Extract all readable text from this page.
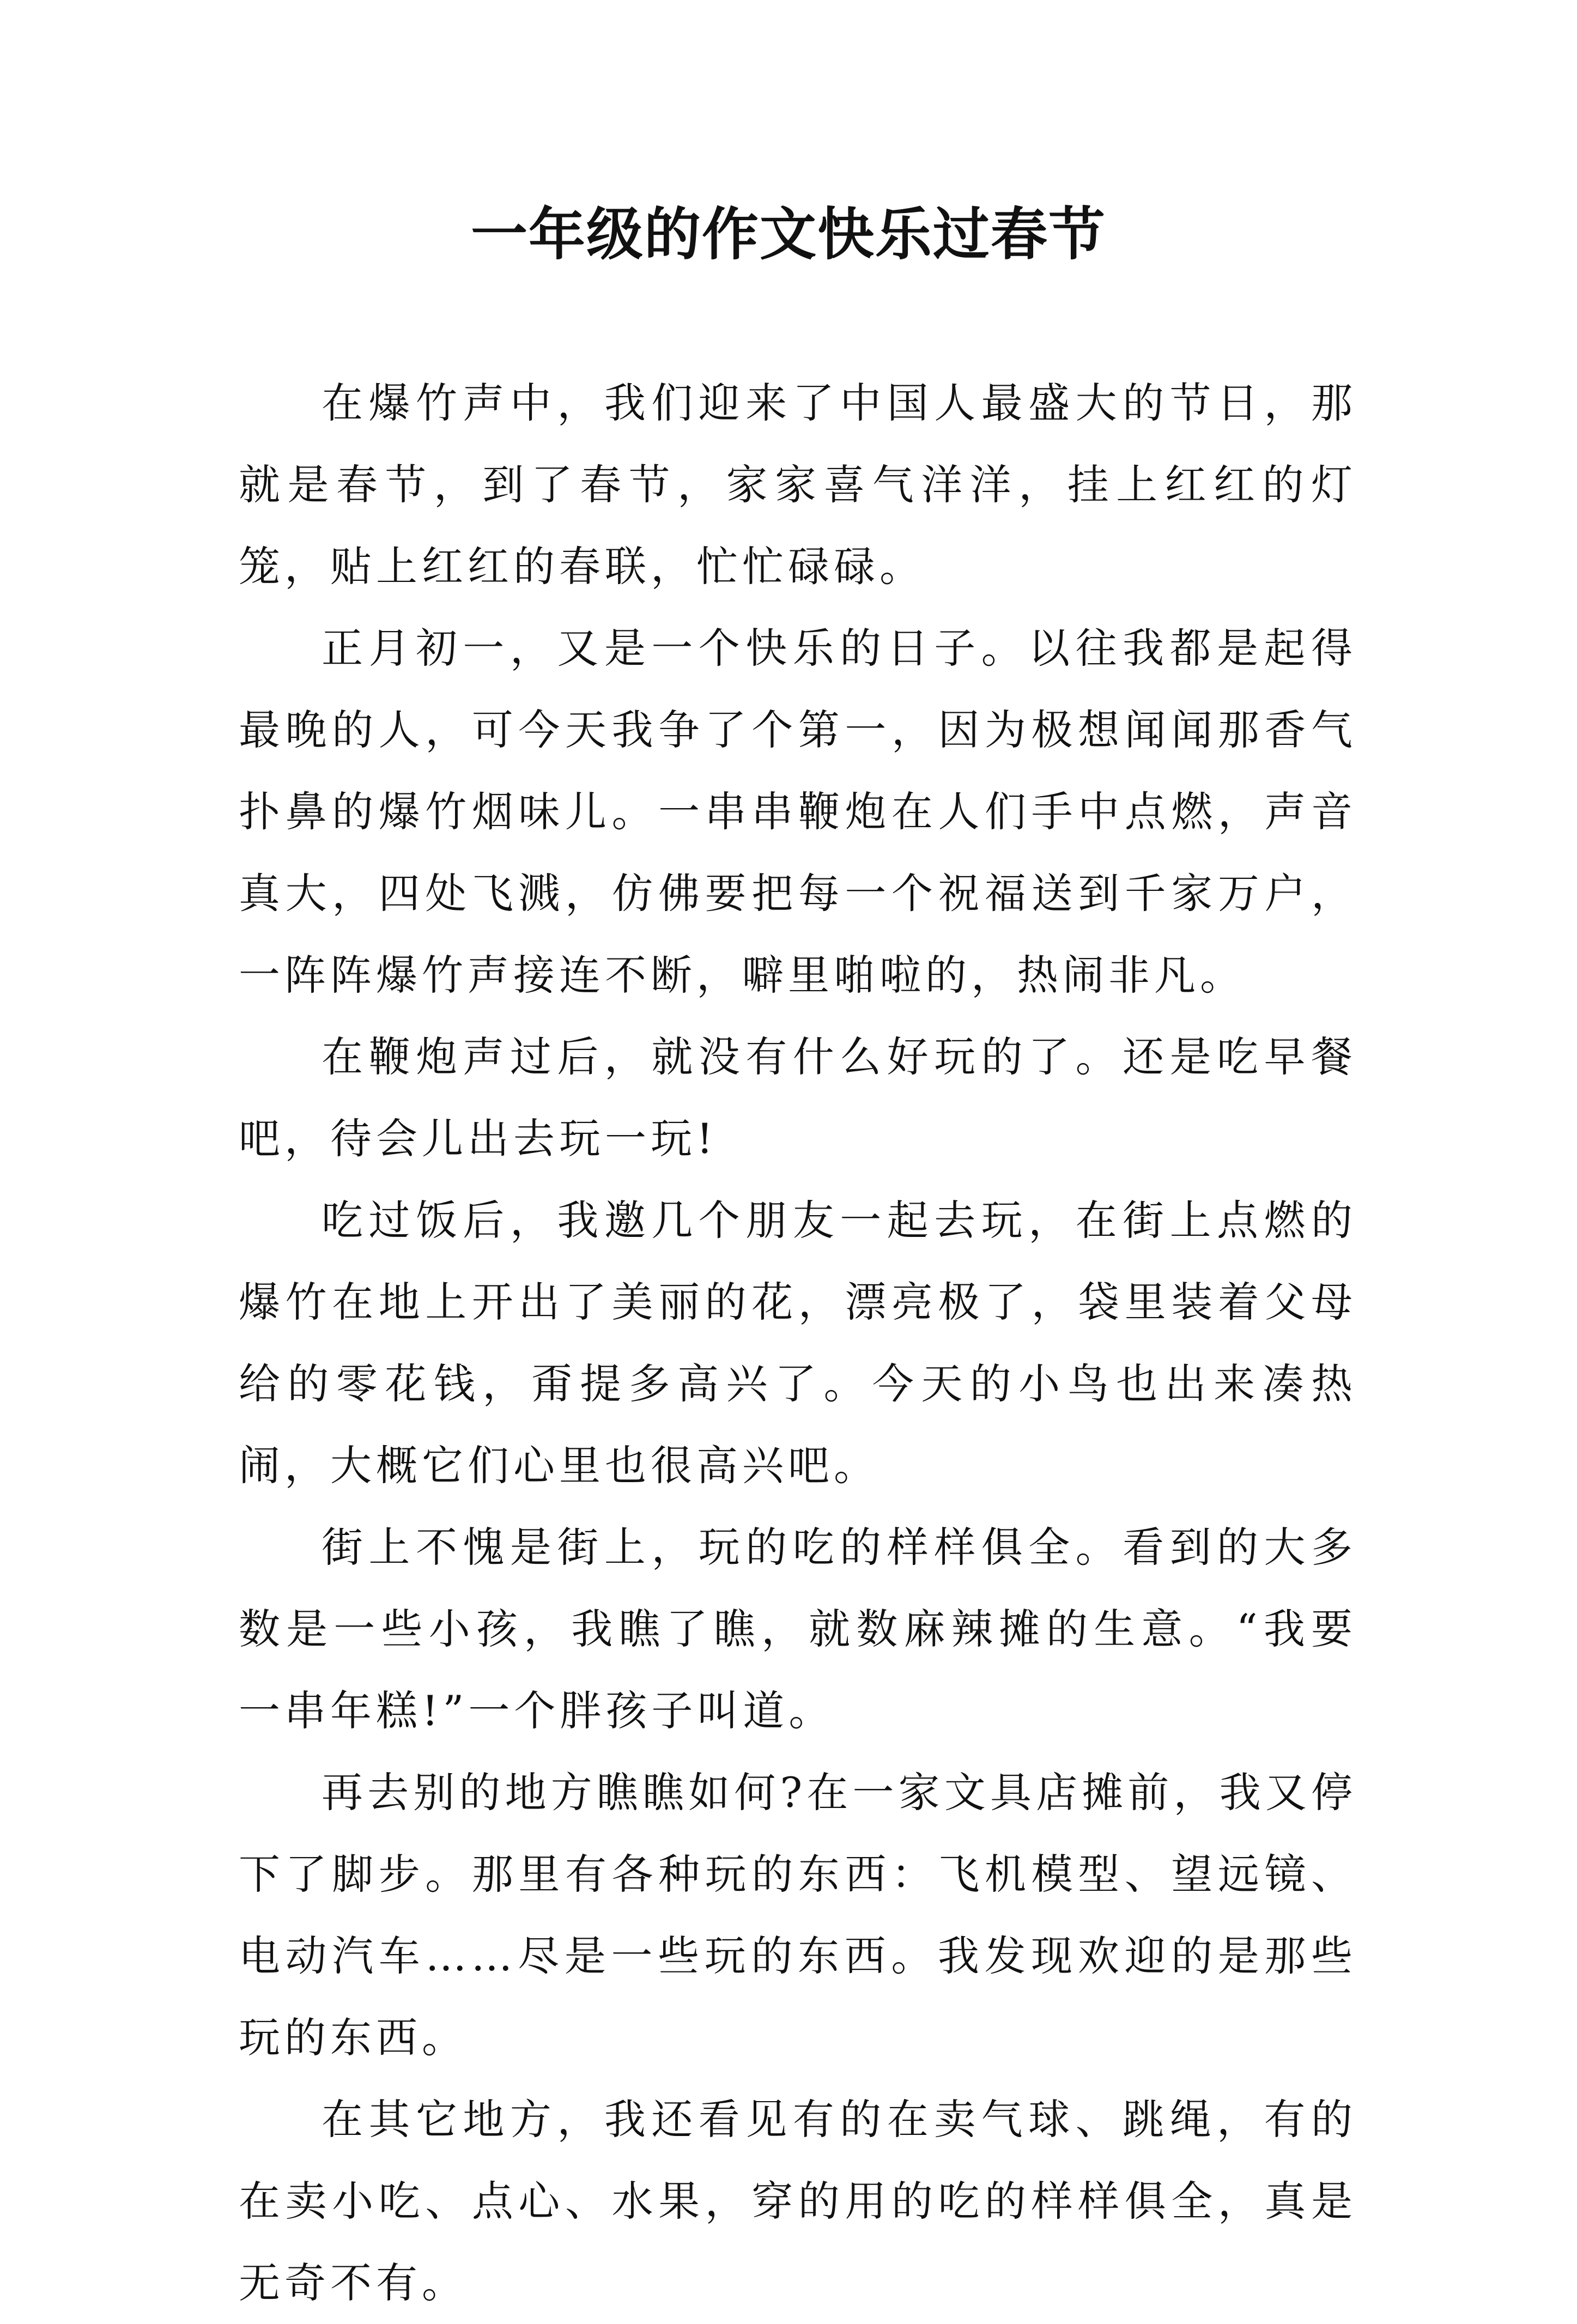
一年级的作文快乐过春节

在爆竹声中，我们迎来了中国人最盛大的节日，那就是春节，到了春节，家家喜气洋洋，挂上红红的灯笼，贴上红红的春联，忙忙碌碌。

正月初一，又是一个快乐的日子。以往我都是起得最晚的人，可今天我争了个第一，因为极想闻闻那香气扑鼻的爆竹烟味儿。一串串鞭炮在人们手中点燃，声音真大，四处飞溅，仿佛要把每一个祝福送到千家万户，一阵阵爆竹声接连不断，噼里啪啦的，热闹非凡。

在鞭炮声过后，就没有什么好玩的了。还是吃早餐吧，待会儿出去玩一玩!

吃过饭后，我邀几个朋友一起去玩，在街上点燃的爆竹在地上开出了美丽的花，漂亮极了，袋里装着父母给的零花钱，甭提多高兴了。今天的小鸟也出来凑热闹，大概它们心里也很高兴吧。

街上不愧是街上，玩的吃的样样俱全。看到的大多数是一些小孩，我瞧了瞧，就数麻辣摊的生意。“我要一串年糕!”一个胖孩子叫道。

再去别的地方瞧瞧如何?在一家文具店摊前，我又停下了脚步。那里有各种玩的东西：飞机模型、望远镜、电动汽车……尽是一些玩的东西。我发现欢迎的是那些玩的东西。

在其它地方，我还看见有的在卖气球、跳绳，有的在卖小吃、点心、水果，穿的用的吃的样样俱全，真是无奇不有。
